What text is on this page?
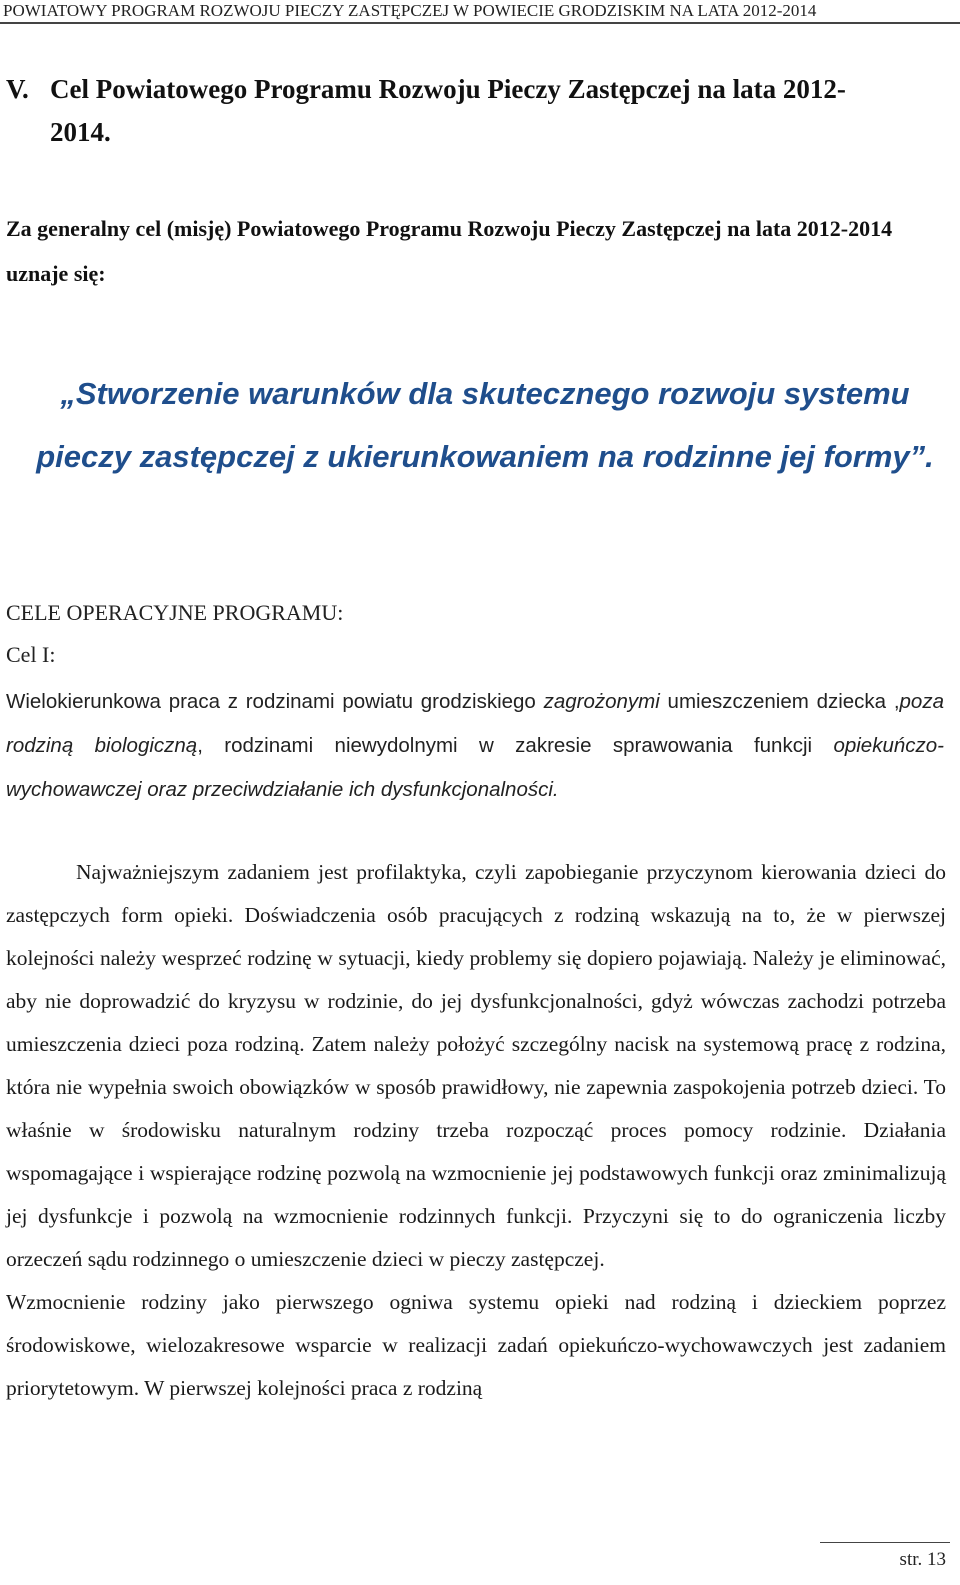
POWIATOWY PROGRAM ROZWOJU PIECZY ZASTĘPCZEJ W POWIECIE GRODZISKIM NA LATA 2012-2014
V. Cel Powiatowego Programu Rozwoju Pieczy Zastępczej na lata 2012-
2014.
Za generalny cel (misję) Powiatowego Programu Rozwoju Pieczy Zastępczej na lata 2012-2014 uznaje się:
„Stworzenie warunków dla skutecznego rozwoju systemu pieczy zastępczej z ukierunkowaniem na rodzinne jej formy”.
CELE OPERACYJNE PROGRAMU:
Cel I:
Wielokierunkowa praca z rodzinami powiatu grodziskiego zagrożonymi umieszczeniem dziecka ,poza rodziną biologiczną, rodzinami niewydolnymi w zakresie sprawowania funkcji opiekuńczo-wychowawczej oraz przeciwdziałanie ich dysfunkcjonalności.

Najważniejszym zadaniem jest profilaktyka, czyli zapobieganie przyczynom kierowania dzieci do zastępczych form opieki. Doświadczenia osób pracujących z rodziną wskazują na to, że w pierwszej kolejności należy wesprzeć rodzinę w sytuacji, kiedy problemy się dopiero pojawiają. Należy je eliminować, aby nie doprowadzić do kryzysu w rodzinie, do jej dysfunkcjonalności, gdyż wówczas zachodzi potrzeba umieszczenia dzieci poza rodziną. Zatem należy położyć szczególny nacisk na systemową pracę z rodzina, która nie wypełnia swoich obowiązków w sposób prawidłowy, nie zapewnia zaspokojenia potrzeb dzieci. To właśnie w środowisku naturalnym rodziny trzeba rozpocząć proces pomocy rodzinie. Działania wspomagające i wspierające rodzinę pozwolą na wzmocnienie jej podstawowych funkcji oraz zminimalizują jej dysfunkcje i pozwolą na wzmocnienie rodzinnych funkcji. Przyczyni się to do ograniczenia liczby orzeczeń sądu rodzinnego o umieszczenie dzieci w pieczy zastępczej.

Wzmocnienie rodziny jako pierwszego ogniwa systemu opieki nad rodziną i dzieckiem poprzez środowiskowe, wielozakresowe wsparcie w realizacji zadań opiekuńczo-wychowawczych jest zadaniem priorytetowym. W pierwszej kolejności praca z rodziną

str. 13
